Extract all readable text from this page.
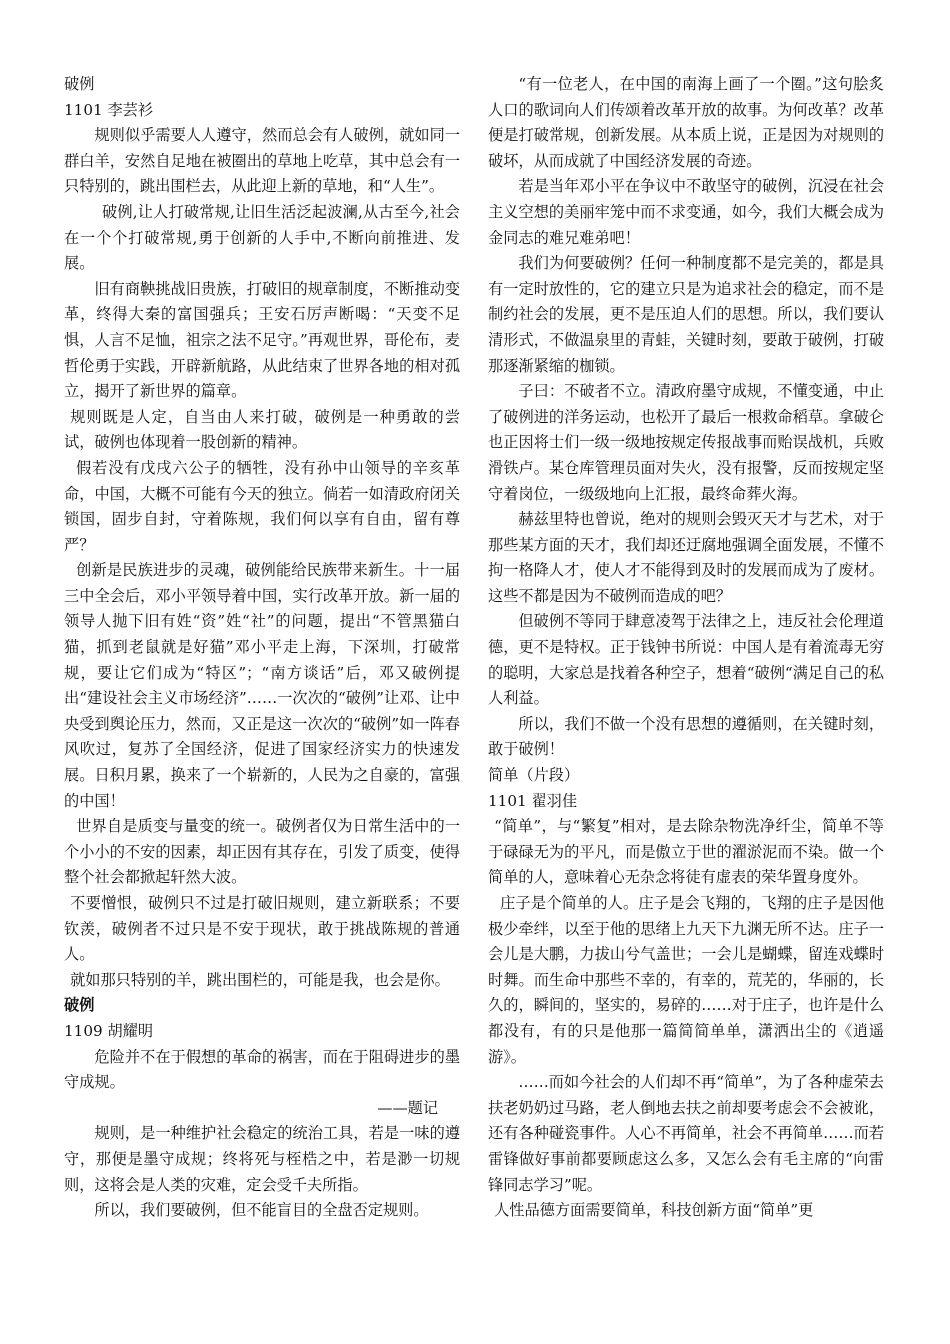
破例

1101 李芸衫

规则似乎需要人人遵守，然而总会有人破例，就如同一群白羊，安然自足地在被圈出的草地上吃草，其中总会有一只特别的，跳出围栏去，从此迎上新的草地，和“人生”。

破例,让人打破常规,让旧生活泛起波澜,从古至今,社会在一个个打破常规,勇于创新的人手中,不断向前推进、发展。

旧有商鞅挑战旧贵族，打破旧的规章制度，不断推动变革，终得大秦的富国强兵；王安石厉声断喝：“天变不足惧，人言不足恤，祖宗之法不足守。”再观世界，哥伦布，麦哲伦勇于实践，开辟新航路，从此结束了世界各地的相对孤立，揭开了新世界的篇章。

规则既是人定，自当由人来打破，破例是一种勇敢的尝试，破例也体现着一股创新的精神。

假若没有戊戌六公子的牺牲，没有孙中山领导的辛亥革命，中国，大概不可能有今天的独立。倘若一如清政府闭关锁国，固步自封，守着陈规，我们何以享有自由，留有尊严？

创新是民族进步的灵魂，破例能给民族带来新生。十一届三中全会后，邓小平领导着中国，实行改革开放。新一届的领导人抛下旧有姓“资”姓“社”的问题，提出“不管黑猫白猫，抓到老鼠就是好猫”邓小平走上海，下深圳，打破常规，要让它们成为“特区”；“南方谈话”后，邓又破例提出“建设社会主义市场经济”……一次次的“破例”让邓、让中央受到舆论压力，然而，又正是这一次次的“破例”如一阵春风吹过，复苏了全国经济，促进了国家经济实力的快速发展。日积月累，换来了一个崭新的，人民为之自豪的，富强的中国！

世界自是质变与量变的统一。破例者仅为日常生活中的一个小小的不安的因素，却正因有其存在，引发了质变，使得整个社会都掀起轩然大波。

不要憎恨，破例只不过是打破旧规则，建立新联系；不要钦羡，破例者不过只是不安于现状，敢于挑战陈规的普通人。

就如那只特别的羊，跳出围栏的，可能是我，也会是你。

破例

1109 胡耀明

危险并不在于假想的革命的祸害，而在于阻碍进步的墨守成规。

——题记

规则，是一种维护社会稳定的统治工具，若是一味的遵守，那便是墨守成规；终将死与桎梏之中，若是渺一切规则，这将会是人类的灾难，定会受千夫所指。

所以，我们要破例，但不能盲目的全盘否定规则。

“有一位老人，在中国的南海上画了一个圈。”这句脍炙人口的歌词向人们传颂着改革开放的故事。为何改革？改革便是打破常规，创新发展。从本质上说，正是因为对规则的破坏，从而成就了中国经济发展的奇迹。

若是当年邓小平在争议中不敢坚守的破例，沉浸在社会主义空想的美丽牢笼中而不求变通，如今，我们大概会成为金同志的难兄难弟吧！

我们为何要破例？任何一种制度都不是完美的，都是具有一定时放性的，它的建立只是为追求社会的稳定，而不是制约社会的发展，更不是压迫人们的思想。所以，我们要认清形式，不做温泉里的青蛙，关键时刻，要敢于破例，打破那逐渐紧缩的枷锁。

子曰：不破者不立。清政府墨守成规，不懂变通，中止了破例进的洋务运动，也松开了最后一根救命稻草。拿破仑也正因将士们一级一级地按规定传报战事而贻误战机，兵败滑铁卢。某仓库管理员面对失火，没有报警，反而按规定坚守着岗位，一级级地向上汇报，最终命葬火海。

赫兹里特也曾说，绝对的规则会毁灭天才与艺术，对于那些某方面的天才，我们却还迂腐地强调全面发展，不懂不拘一格降人才，使人才不能得到及时的发展而成为了废材。这些不都是因为不破例而造成的吧？

但破例不等同于肆意凌驾于法律之上，违反社会伦理道德，更不是特权。正于钱钟书所说：中国人是有着流毒无穷的聪明，大家总是找着各种空子，想着“破例“满足自己的私人利益。

所以，我们不做一个没有思想的遵循则，在关键时刻，敢于破例！

简单（片段）

1101 翟羽佳

“简单”，与“繁复”相对，是去除杂物洗净纤尘，简单不等于碌碌无为的平凡，而是傲立于世的濯淤泥而不染。做一个简单的人，意味着心无杂念将徒有虚表的荣华置身度外。

庄子是个简单的人。庄子是会飞翔的，飞翔的庄子是因他极少牵绊，以至于他的思绪上九天下九渊无所不达。庄子一会儿是大鹏，力拔山兮气盖世；一会儿是蝴蝶，留连戏蝶时时舞。而生命中那些不幸的，有幸的，荒芜的，华丽的，长久的，瞬间的，坚实的，易碎的……对于庄子，也许是什么都没有，有的只是他那一篇简简单单，潇洒出尘的《逍遥游》。

……而如今社会的人们却不再“简单”，为了各种虚荣去扶老奶奶过马路，老人倒地去扶之前却要考虑会不会被讹，还有各种碰瓷事件。人心不再简单，社会不再简单……而若雷锋做好事前都要顾虑这么多，又怎么会有毛主席的“向雷锋同志学习”呢。

人性品德方面需要简单，科技创新方面“简单”更
